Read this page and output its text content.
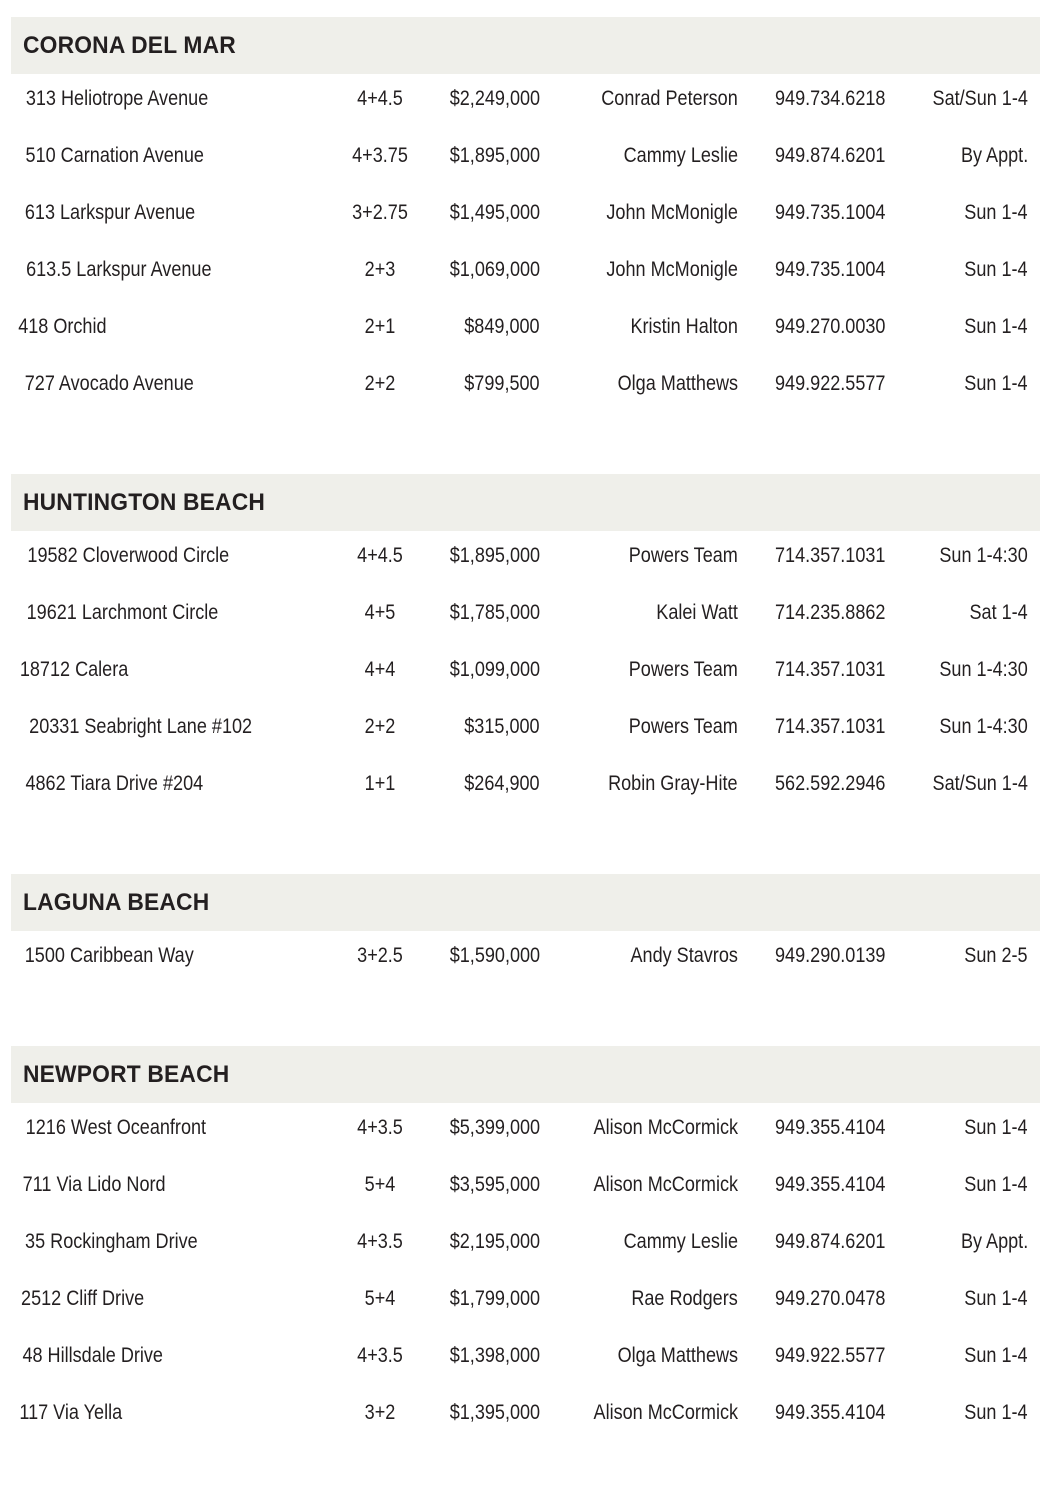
CORONA DEL MAR
313 Heliotrope Avenue	4+4.5 $2,249,000	Conrad Peterson 949.734.6218 Sat/Sun 1-4
510 Carnation Avenue	4+3.75 $1,895,000	Cammy Leslie 949.874.6201	By Appt.
613 Larkspur Avenue	3+2.75 $1,495,000	John McMonigle 949.735.1004	Sun 1-4
613.5 Larkspur Avenue	2+3	$1,069,000	John McMonigle 949.735.1004	Sun 1-4
418 Orchid	2+1	$849,000	Kristin Halton 949.270.0030	Sun 1-4
727 Avocado Avenue	2+2	$799,500	Olga Matthews 949.922.5577	Sun 1-4
HUNTINGTON BEACH
19582 Cloverwood Circle	4+4.5 $1,895,000	Powers Team 714.357.1031	Sun 1-4:30
19621 Larchmont Circle	4+5	$1,785,000	Kalei Watt 714.235.8862	Sat 1-4
18712 Calera	4+4	$1,099,000	Powers Team 714.357.1031	Sun 1-4:30
20331 Seabright Lane #102	2+2	$315,000	Powers Team 714.357.1031	Sun 1-4:30
4862 Tiara Drive #204	1+1	$264,900	Robin Gray-Hite 562.592.2946 Sat/Sun 1-4
LAGUNA BEACH
1500 Caribbean Way	3+2.5 $1,590,000	Andy Stavros 949.290.0139	Sun 2-5
NEWPORT BEACH
1216 West Oceanfront	4+3.5 $5,399,000	Alison McCormick 949.355.4104	Sun 1-4
711 Via Lido Nord	5+4	$3,595,000	Alison McCormick 949.355.4104	Sun 1-4
35 Rockingham Drive	4+3.5 $2,195,000	Cammy Leslie 949.874.6201	By Appt.
2512 Cliff Drive	5+4	$1,799,000	Rae Rodgers 949.270.0478	Sun 1-4
48 Hillsdale Drive	4+3.5 $1,398,000	Olga Matthews 949.922.5577	Sun 1-4
117 Via Yella	3+2	$1,395,000	Alison McCormick 949.355.4104	Sun 1-4
